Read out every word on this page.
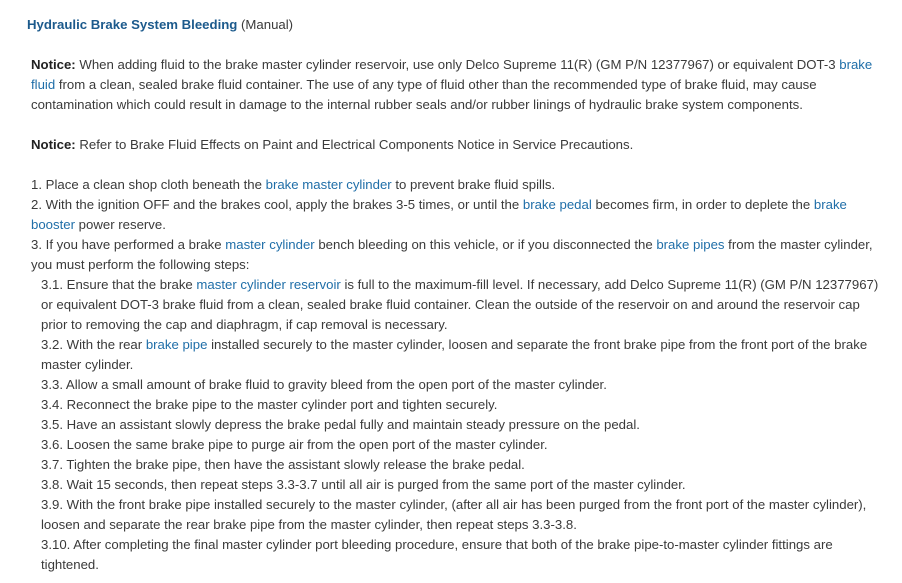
Hydraulic Brake System Bleeding (Manual)

Notice: When adding fluid to the brake master cylinder reservoir, use only Delco Supreme 11(R) (GM P/N 12377967) or equivalent DOT-3 brake fluid from a clean, sealed brake fluid container. The use of any type of fluid other than the recommended type of brake fluid, may cause contamination which could result in damage to the internal rubber seals and/or rubber linings of hydraulic brake system components.

Notice: Refer to Brake Fluid Effects on Paint and Electrical Components Notice in Service Precautions.

1. Place a clean shop cloth beneath the brake master cylinder to prevent brake fluid spills.

2. With the ignition OFF and the brakes cool, apply the brakes 3-5 times, or until the brake pedal becomes firm, in order to deplete the brake booster power reserve.

3. If you have performed a brake master cylinder bench bleeding on this vehicle, or if you disconnected the brake pipes from the master cylinder, you must perform the following steps:

3.1. Ensure that the brake master cylinder reservoir is full to the maximum-fill level. If necessary, add Delco Supreme 11(R) (GM P/N 12377967) or equivalent DOT-3 brake fluid from a clean, sealed brake fluid container. Clean the outside of the reservoir on and around the reservoir cap prior to removing the cap and diaphragm, if cap removal is necessary.

3.2. With the rear brake pipe installed securely to the master cylinder, loosen and separate the front brake pipe from the front port of the brake master cylinder.

3.3. Allow a small amount of brake fluid to gravity bleed from the open port of the master cylinder.

3.4. Reconnect the brake pipe to the master cylinder port and tighten securely.

3.5. Have an assistant slowly depress the brake pedal fully and maintain steady pressure on the pedal.

3.6. Loosen the same brake pipe to purge air from the open port of the master cylinder.

3.7. Tighten the brake pipe, then have the assistant slowly release the brake pedal.

3.8. Wait 15 seconds, then repeat steps 3.3-3.7 until all air is purged from the same port of the master cylinder.

3.9. With the front brake pipe installed securely to the master cylinder, (after all air has been purged from the front port of the master cylinder), loosen and separate the rear brake pipe from the master cylinder, then repeat steps 3.3-3.8.

3.10. After completing the final master cylinder port bleeding procedure, ensure that both of the brake pipe-to-master cylinder fittings are tightened.
